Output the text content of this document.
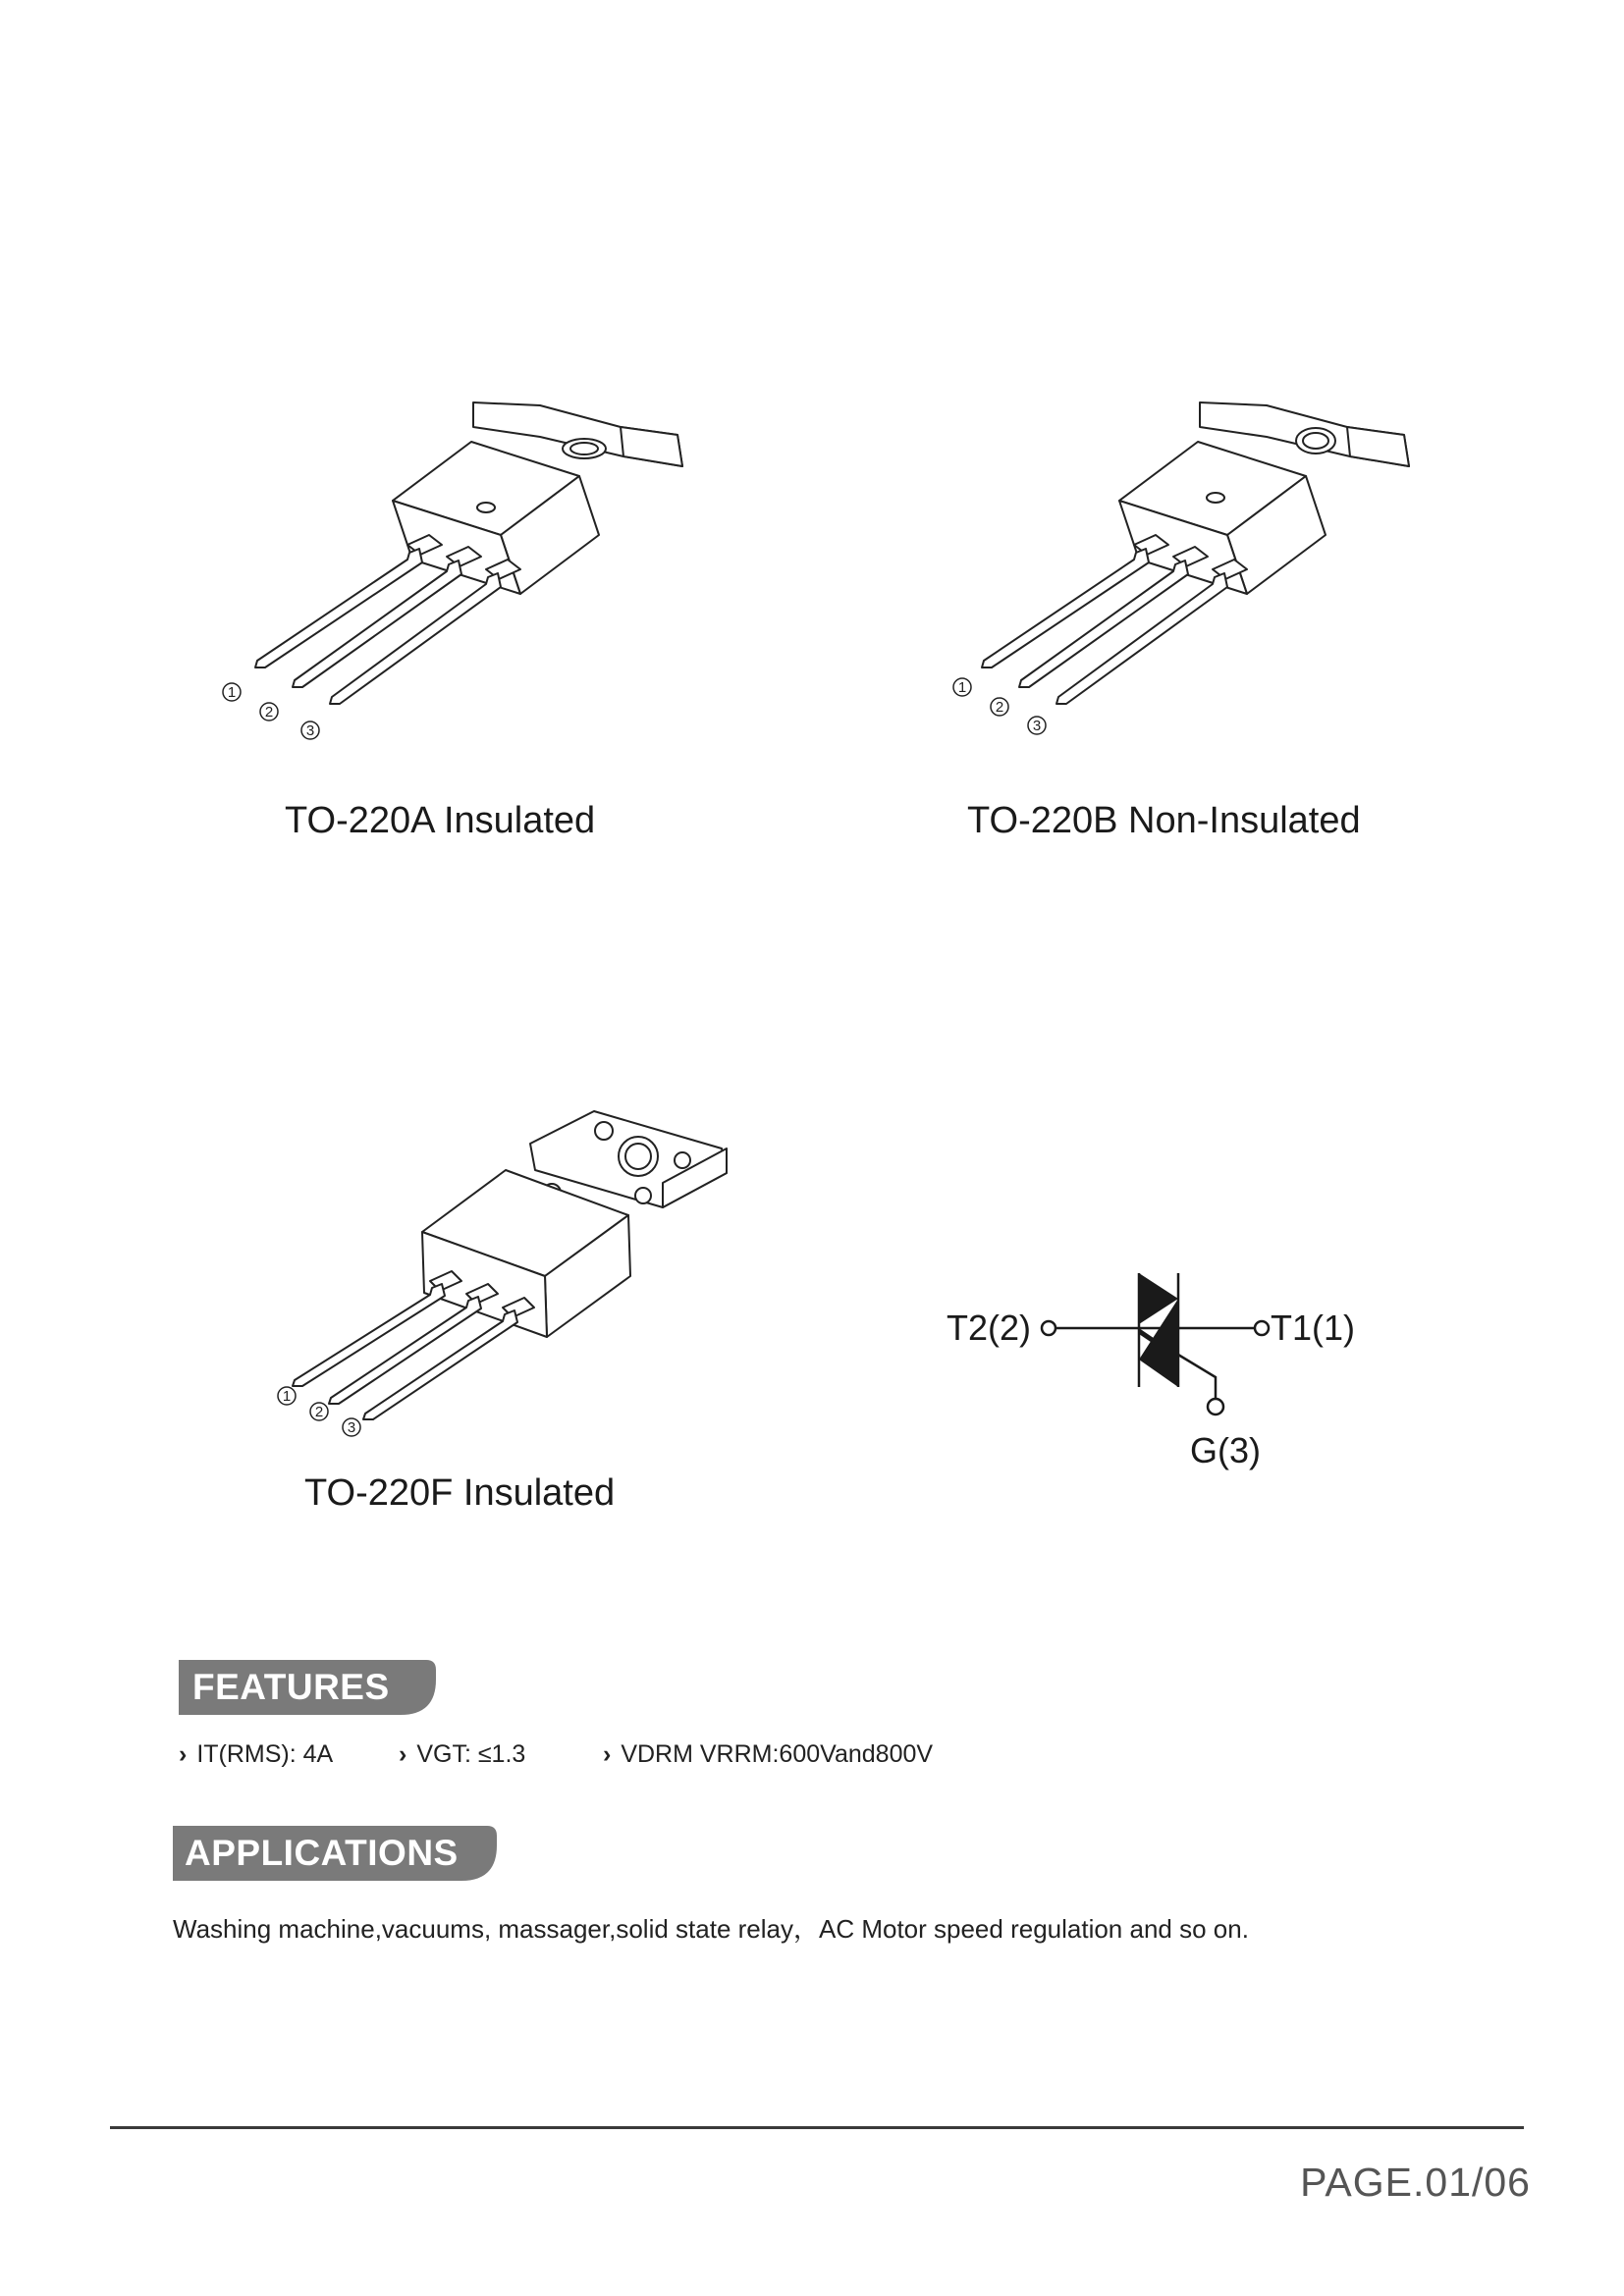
1
2
3
TO-220A Insulated
1
2
3
TO-220B Non-Insulated
1
2
3
TO-220F Insulated
T2(2)	T1(1)
G(3)
FEATURES
› IT(RMS): 4A	› VGT: ≤1.3	› VDRM VRRM:600Vand800V
APPLICATIONS
Washing machine,vacuums, massager,solid state relay，AC Motor speed regulation and so on.
PAGE.01/06
